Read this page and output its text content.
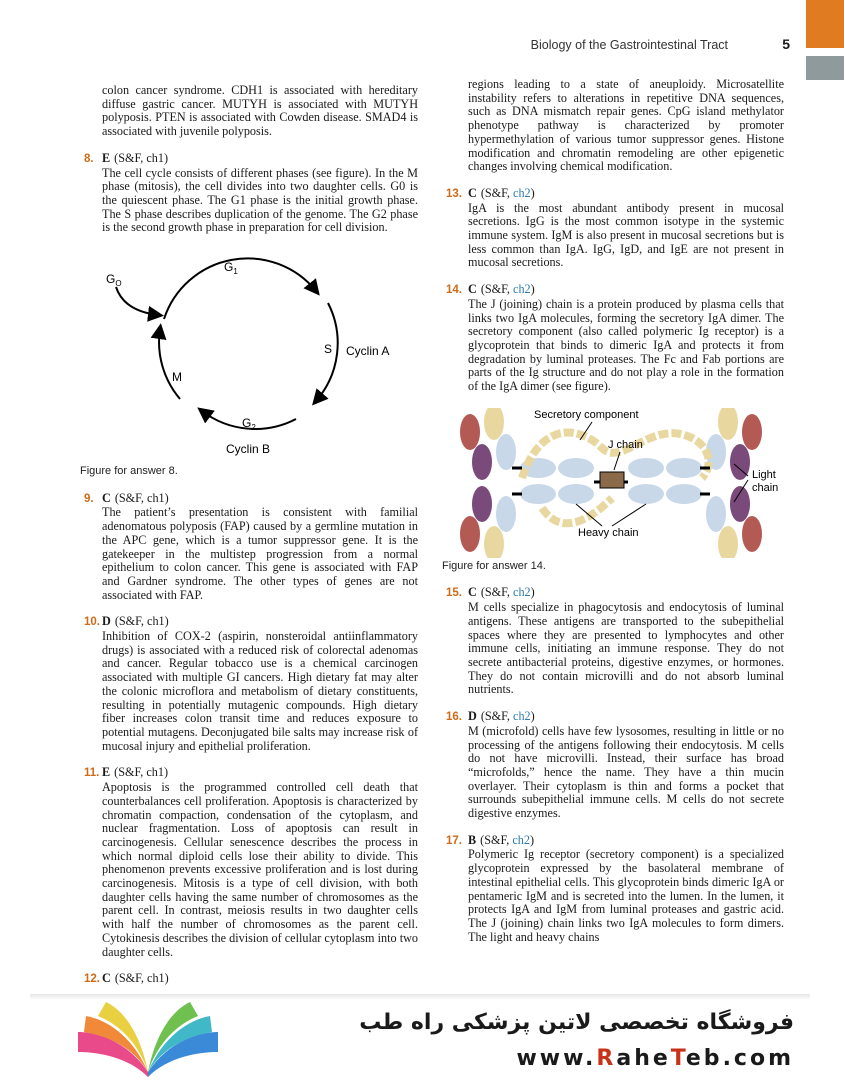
Biology of the Gastrointestinal Tract	5

colon cancer syndrome. CDH1 is associated with hereditary diffuse gastric cancer. MUTYH is associated with MUTYH polyposis. PTEN is associated with Cowden disease. SMAD4 is associated with juvenile polyposis.

8. E (S&F, ch1)
The cell cycle consists of different phases (see figure). In the M phase (mitosis), the cell divides into two daughter cells. G0 is the quiescent phase. The G1 phase is the initial growth phase. The S phase describes duplication of the genome. The G2 phase is the second growth phase in preparation for cell division.
$G_O$
$G_1$
S Cyclin A
M
$G_2$
Cyclin B
Figure for answer 8.
9. C (S&F, ch1)
The patient’s presentation is consistent with familial adenomatous polyposis (FAP) caused by a germline mutation in the APC gene, which is a tumor suppressor gene. It is the gatekeeper in the multistep progression from a normal epithelium to colon cancer. This gene is associated with FAP and Gardner syndrome. The other types of genes are not associated with FAP.
10. D (S&F, ch1)
Inhibition of COX-2 (aspirin, nonsteroidal antiinflammatory drugs) is associated with a reduced risk of colorectal adenomas and cancer. Regular tobacco use is a chemical carcinogen associated with multiple GI cancers. High dietary fat may alter the colonic microflora and metabolism of dietary constituents, resulting in potentially mutagenic compounds. High dietary fiber increases colon transit time and reduces exposure to potential mutagens. Deconjugated bile salts may increase risk of mucosal injury and epithelial proliferation.
11. E (S&F, ch1)
Apoptosis is the programmed controlled cell death that counterbalances cell proliferation. Apoptosis is characterized by chromatin compaction, condensation of the cytoplasm, and nuclear fragmentation. Loss of apoptosis can result in carcinogenesis. Cellular senescence describes the process in which normal diploid cells lose their ability to divide. This phenomenon prevents excessive proliferation and is lost during carcinogenesis. Mitosis is a type of cell division, with both daughter cells having the same number of chromosomes as the parent cell. In contrast, meiosis results in two daughter cells with half the number of chromosomes as the parent cell. Cytokinesis describes the division of cellular cytoplasm into two daughter cells.
12. C (S&F, ch1)

regions leading to a state of aneuploidy. Microsatellite instability refers to alterations in repetitive DNA sequences, such as DNA mismatch repair genes. CpG island methylator phenotype pathway is characterized by promoter hypermethylation of various tumor suppressor genes. Histone modification and chromatin remodeling are other epigenetic changes involving chemical modification.

13. C (S&F, ch2)
IgA is the most abundant antibody present in mucosal secretions. IgG is the most common isotype in the systemic immune system. IgM is also present in mucosal secretions but is less common than IgA. IgG, IgD, and IgE are not present in mucosal secretions.
14. C (S&F, ch2)
The J (joining) chain is a protein produced by plasma cells that links two IgA molecules, forming the secretory IgA dimer. The secretory component (also called polymeric Ig receptor) is a glycoprotein that binds to dimeric IgA and protects it from degradation by luminal proteases. The Fc and Fab portions are parts of the Ig structure and do not play a role in the formation of the IgA dimer (see figure).
Secretory component
J chain
Light
chain
Heavy chain
Figure for answer 14.
15. C (S&F, ch2)
M cells specialize in phagocytosis and endocytosis of luminal antigens. These antigens are transported to the subepithelial spaces where they are presented to lymphocytes and other immune cells, initiating an immune response. They do not secrete antibacterial proteins, digestive enzymes, or hormones. They do not contain microvilli and do not absorb luminal nutrients.
16. D (S&F, ch2)
M (microfold) cells have few lysosomes, resulting in little or no processing of the antigens following their endocytosis. M cells do not have microvilli. Instead, their surface has broad “microfolds,” hence the name. They have a thin mucin overlayer. Their cytoplasm is thin and forms a pocket that surrounds subepithelial immune cells. M cells do not secrete digestive enzymes.
17. B (S&F, ch2)
Polymeric Ig receptor (secretory component) is a specialized glycoprotein expressed by the basolateral membrane of intestinal epithelial cells. This glycoprotein binds dimeric IgA or pentameric IgM and is secreted into the lumen. In the lumen, it protects IgA and IgM from luminal proteases and gastric acid. The J (joining) chain links two IgA molecules to form dimers. The light and heavy chains
فروشگاه تخصصی لاتین پزشکی راه طب
www.RaheTeb.com
